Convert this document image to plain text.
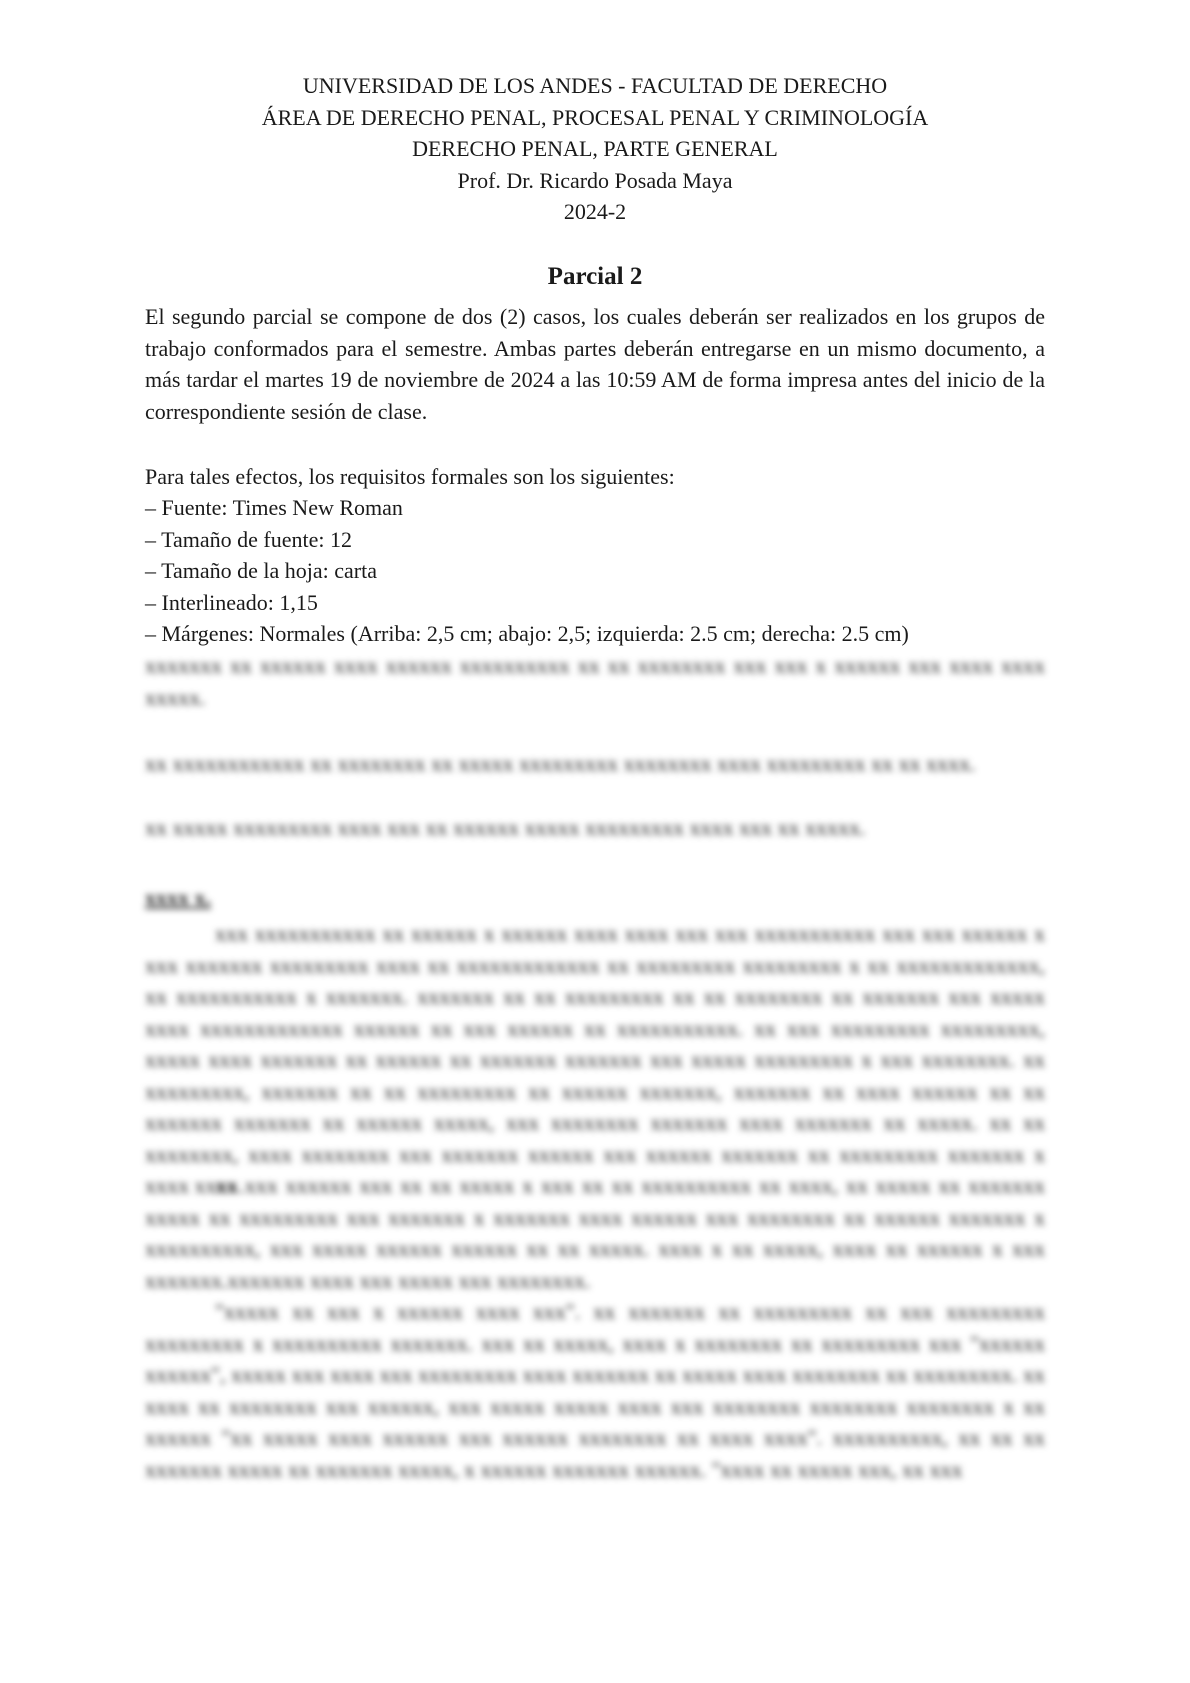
UNIVERSIDAD DE LOS ANDES - FACULTAD DE DERECHO
ÁREA DE DERECHO PENAL, PROCESAL PENAL Y CRIMINOLOGÍA
DERECHO PENAL, PARTE GENERAL
Prof. Dr. Ricardo Posada Maya
2024-2
Parcial 2

El segundo parcial se compone de dos (2) casos, los cuales deberán ser realizados en los grupos de trabajo conformados para el semestre. Ambas partes deberán entregarse en un mismo documento, a más tardar el martes 19 de noviembre de 2024 a las 10:59 AM de forma impresa antes del inicio de la correspondiente sesión de clase.

Para tales efectos, los requisitos formales son los siguientes:
– Fuente: Times New Roman
– Tamaño de fuente: 12
– Tamaño de la hoja: carta
– Interlineado: 1,15
– Márgenes: Normales (Arriba: 2,5 cm; abajo: 2,5; izquierda: 2.5 cm; derecha: 2.5 cm)

xxxxxxx xx xxxxxx xxxx xxxxxx xxxxxxxxxx xx xx xxxxxxxx xxx xxx x xxxxxx xxx xxxx xxxx xxxxx.

xx xxxxxxxxxxxx xx xxxxxxxx xx xxxxx xxxxxxxxx xxxxxxxx xxxx xxxxxxxxx xx xx xxxx.

xx xxxxx xxxxxxxxx xxxx xxx xx xxxxxx xxxxx xxxxxxxxx xxxx xxx xx xxxxx.

xxxx x.

xxx xxxxxxxxxxx xx xxxxxx x xxxxxx xxxx xxxx xxx xxx xxxxxxxxxxx xxx xxx xxxxxx x xxx xxxxxxx xxxxxxxxx xxxx xx xxxxxxxxxxxxx xx xxxxxxxxx xxxxxxxxx x xx xxxxxxxxxxxxx, xx xxxxxxxxxxx x xxxxxxx. xxxxxxx xx xx xxxxxxxxx xx xx xxxxxxxx xx xxxxxxx xxx xxxxx xxxx xxxxxxxxxxxxx xxxxxx xx xxx xxxxxx xx xxxxxxxxxxx. xx xxx xxxxxxxxx xxxxxxxxx, xxxxx xxxx xxxxxxx xx xxxxxx xx xxxxxxx xxxxxxx xxx xxxxx xxxxxxxxx x xxx xxxxxxxx. xx xxxxxxxxx, xxxxxxx xx xx xxxxxxxxx xx xxxxxx xxxxxxx, xxxxxxx xx xxxx xxxxxx xx xx xxxxxxx xxxxxxx xx xxxxxx xxxxx, xxx xxxxxxxx xxxxxxx xxxx xxxxxxx xx xxxxx. xx xx xxxxxxxx, xxxx xxxxxxxx xxx xxxxxxx xxxxxx xxx xxxxxx xxxxxxx xx xxxxxxxxx xxxxxxx x xxxx xxxx.

xx xxx xxxxxx xxx xx xx xxxxx x xxx xx xx xxxxxxxxxx xx xxxx, xx xxxxx xx xxxxxxx xxxxx xx xxxxxxxxx xxx xxxxxxx x xxxxxxx xxxx xxxxxx xxx xxxxxxxx xx xxxxxx xxxxxxx x xxxxxxxxxx, xxx xxxxx xxxxxx xxxxxx xx xx xxxxx. xxxx x xx xxxxx, xxxx xx xxxxxx x xxx xxxxxxx.xxxxxxx xxxx xxx xxxxx xxx xxxxxxxx.

"xxxxx xx xxx x xxxxxx xxxx xxx". xx xxxxxxx xx xxxxxxxxx xx xxx xxxxxxxxx xxxxxxxxx x xxxxxxxxxx xxxxxxx. xxx xx xxxxx, xxxx x xxxxxxxx xx xxxxxxxxx xxx "xxxxxx xxxxxx", xxxxx xxx xxxx xxx xxxxxxxxx xxxx xxxxxxx xx xxxxx xxxx xxxxxxxx xx xxxxxxxxx. xx xxxx xx xxxxxxxx xxx xxxxxx, xxx xxxxx xxxxx xxxx xxx xxxxxxxx xxxxxxxx xxxxxxxx x xx xxxxxx "xx xxxxx xxxx xxxxxx xxx xxxxxx xxxxxxxx xx xxxx xxxx". xxxxxxxxxx, xx xx xx xxxxxxx xxxxx xx xxxxxxx xxxxx, x xxxxxx xxxxxxx xxxxxx. "xxxx xx xxxxx xxx, xx xxx
